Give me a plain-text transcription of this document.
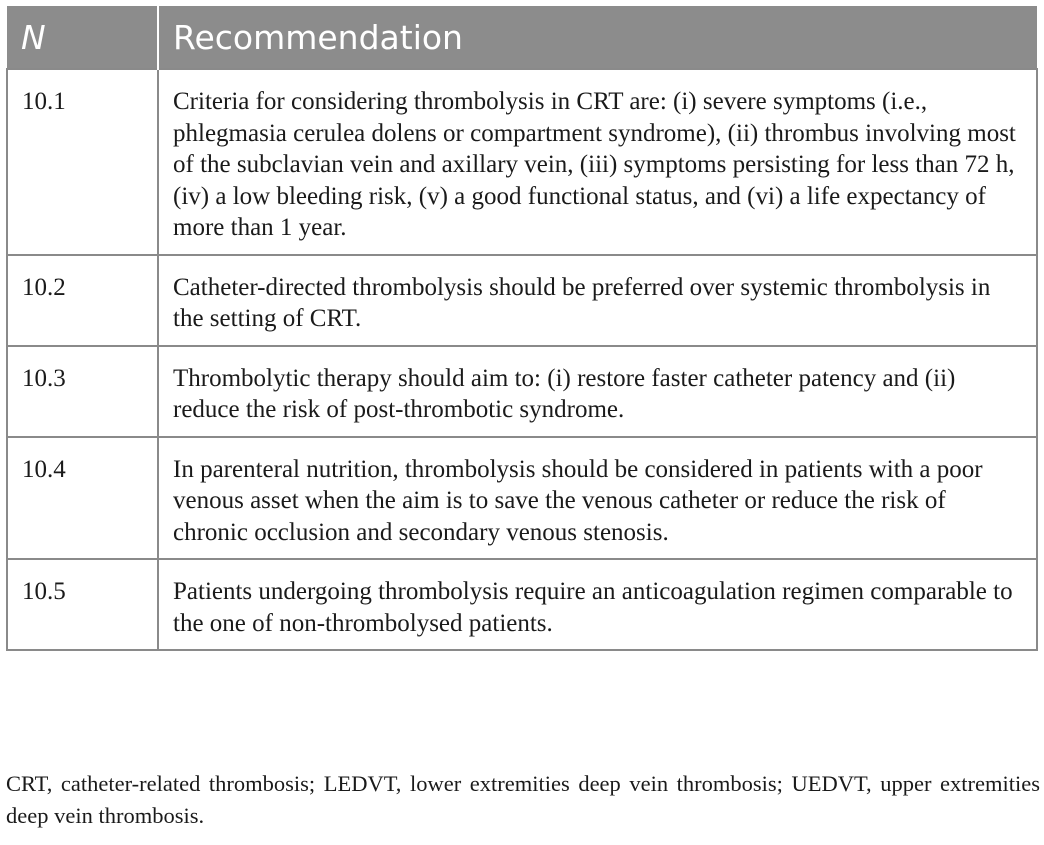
N	Recommendation
10.1	Criteria for considering thrombolysis in CRT are: (i) severe symptoms (i.e., phlegmasia cerulea dolens or compartment syndrome), (ii) thrombus involving most of the subclavian vein and axillary vein, (iii) symptoms persisting for less than 72 h, (iv) a low bleeding risk, (v) a good functional status, and (vi) a life expectancy of more than 1 year.
10.2	Catheter-directed thrombolysis should be preferred over systemic thrombolysis in the setting of CRT.
10.3	Thrombolytic therapy should aim to: (i) restore faster catheter patency and (ii) reduce the risk of post-thrombotic syndrome.
10.4	In parenteral nutrition, thrombolysis should be considered in patients with a poor venous asset when the aim is to save the venous catheter or reduce the risk of chronic occlusion and secondary venous stenosis.
10.5	Patients undergoing thrombolysis require an anticoagulation regimen comparable to the one of non-thrombolysed patients.
CRT, catheter-related thrombosis; LEDVT, lower extremities deep vein thrombosis; UEDVT, upper extremities deep vein thrombosis.
